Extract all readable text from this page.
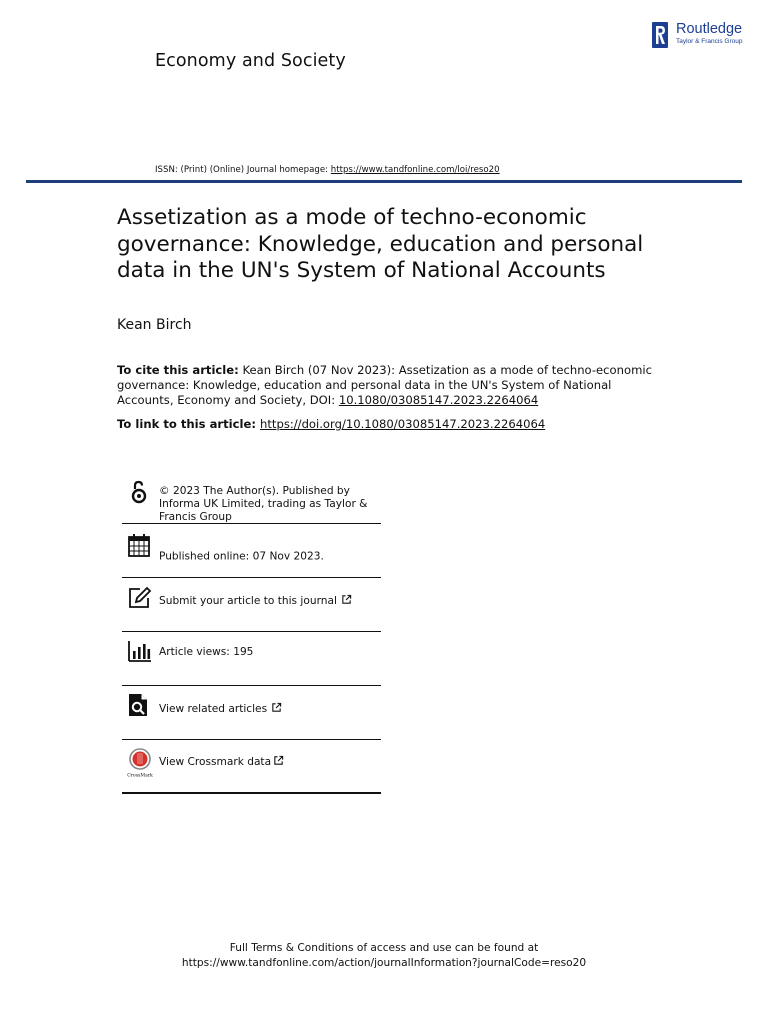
Economy and Society
Routledge
Taylor & Francis Group
ISSN: (Print) (Online) Journal homepage: https://www.tandfonline.com/loi/reso20
Assetization as a mode of techno-economic governance: Knowledge, education and personal data in the UN's System of National Accounts
Kean Birch
To cite this article: Kean Birch (07 Nov 2023): Assetization as a mode of techno-economic governance: Knowledge, education and personal data in the UN's System of National Accounts, Economy and Society, DOI: 10.1080/03085147.2023.2264064
To link to this article: https://doi.org/10.1080/03085147.2023.2264064
© 2023 The Author(s). Published by Informa UK Limited, trading as Taylor & Francis Group
Published online: 07 Nov 2023.
Submit your article to this journal
Article views: 195
View related articles
CrossMark
View Crossmark data
Full Terms & Conditions of access and use can be found at
https://www.tandfonline.com/action/journalInformation?journalCode=reso20
